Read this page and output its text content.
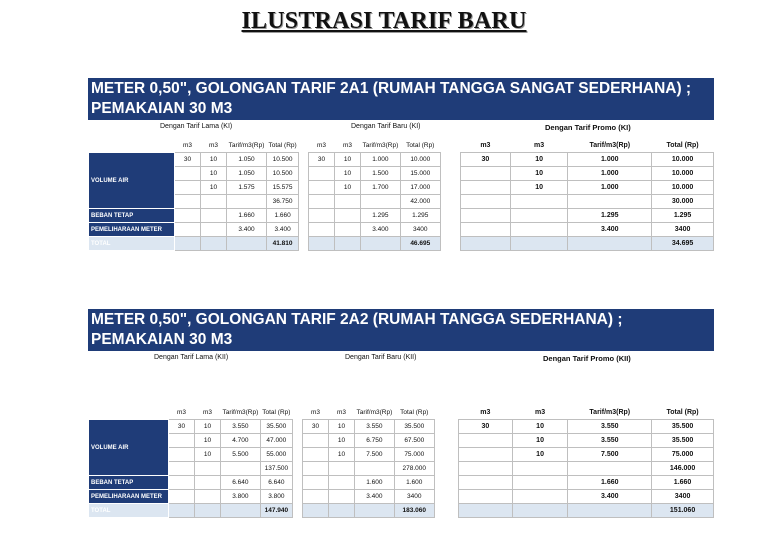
ILUSTRASI TARIF BARU
METER 0,50", GOLONGAN TARIF 2A1 (RUMAH TANGGA SANGAT SEDERHANA) ;
PEMAKAIAN 30 M3
Dengan Tarif Lama (KI)	Dengan Tarif Baru (KI)	Dengan Tarif Promo (KI)
	m3	m3	Tarif/m3(Rp)	Total (Rp)
VOLUME AIR	30	10	1.050	10.500
		10	1.050	10.500
		10	1.575	15.575
				36.750
BEBAN TETAP			1.660	1.660
PEMELIHARAAN METER			3.400	3.400
TOTAL				41.810
m3	m3	Tarif/m3(Rp)	Total (Rp)
30	10	1.000	10.000
	10	1.500	15.000
	10	1.700	17.000
			42.000
		1.295	1.295
		3.400	3400
			46.695
m3	m3	Tarif/m3(Rp)	Total (Rp)
30	10	1.000	10.000
	10	1.000	10.000
	10	1.000	10.000
			30.000
		1.295	1.295
		3.400	3400
			34.695
METER 0,50", GOLONGAN TARIF 2A2 (RUMAH TANGGA SEDERHANA) ;
PEMAKAIAN 30 M3
Dengan Tarif Lama (KII)	Dengan Tarif Baru (KII)	Dengan Tarif Promo (KII)
	m3	m3	Tarif/m3(Rp)	Total (Rp)
VOLUME AIR	30	10	3.550	35.500
		10	4.700	47.000
		10	5.500	55.000
				137.500
BEBAN TETAP			6.640	6.640
PEMELIHARAAN METER			3.800	3.800
TOTAL				147.940
m3	m3	Tarif/m3(Rp)	Total (Rp)
30	10	3.550	35.500
	10	6.750	67.500
	10	7.500	75.000
			278.000
		1.600	1.600
		3.400	3400
			183.060
m3	m3	Tarif/m3(Rp)	Total (Rp)
30	10	3.550	35.500
	10	3.550	35.500
	10	7.500	75.000
			146.000
		1.660	1.660
		3.400	3400
			151.060
